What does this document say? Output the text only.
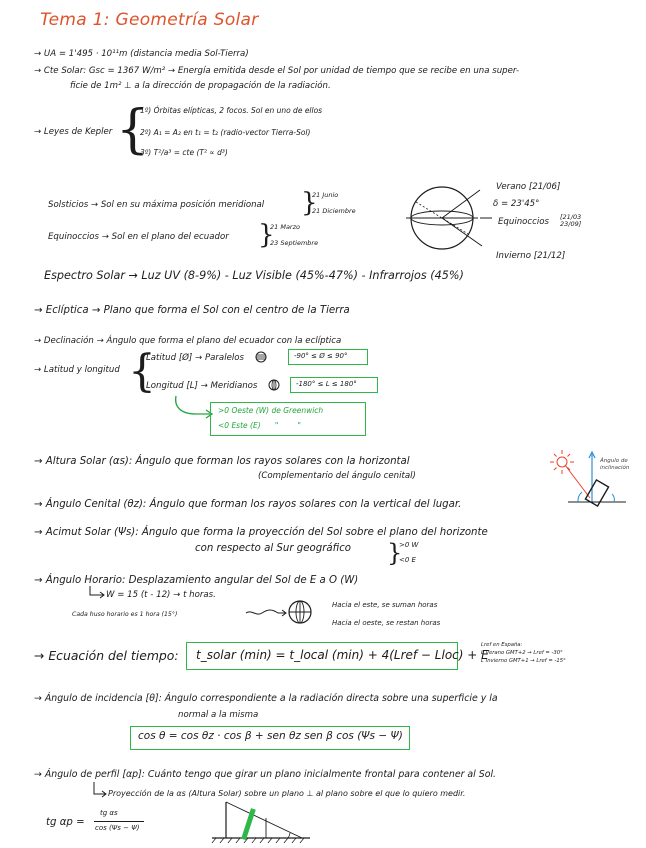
Tema 1: Geometría Solar
→ UA = 1'495 · 10¹¹m (distancia media Sol-Tierra)
→ Cte Solar: Gsc = 1367 W/m² → Energía emitida desde el Sol por unidad de tiempo que se recibe en una super-
ficie de 1m² ⊥ a la dirección de propagación de la radiación.
→ Leyes de Kepler {
1º) Órbitas elípticas, 2 focos. Sol en uno de ellos
2º) A₁ = A₂ en t₁ = t₂ (radio-vector Tierra-Sol)
3º) T²/a³ = cte (T² ∝ d³)
Solsticios → Sol en su máxima posición meridional }
21 Junio
21 Diciembre
Equinoccios → Sol en el plano del ecuador }
21 Marzo
23 Septiembre
Verano [21/06]
δ = 23'45°
Equinoccios [21/03 23/09]
Invierno [21/12]
Espectro Solar → Luz UV (8-9%) - Luz Visible (45%-47%) - Infrarrojos (45%)
→ Eclíptica → Plano que forma el Sol con el centro de la Tierra
→ Declinación → Ángulo que forma el plano del ecuador con la eclíptica
→ Latitud y longitud {
Latitud [Ø] → Paralelos	-90° ≤ Ø ≤ 90°
Longitud [L] → Meridianos	-180° ≤ L ≤ 180°
>0 Oeste (W) de Greenwich
<0 Este (E)      "        "
→ Altura Solar (αs): Ángulo que forman los rayos solares con la horizontal
(Complementario del ángulo cenital)
Ángulo de inclinación
→ Ángulo Cenital (θz): Ángulo que forman los rayos solares con la vertical del lugar.
→ Acimut Solar (Ψs): Ángulo que forma la proyección del Sol sobre el plano del horizonte
con respecto al Sur geográfico }
>0 W
<0 E
→ Ángulo Horario: Desplazamiento angular del Sol de E a O (W)
W = 15 (t - 12) → t horas.
Cada huso horario es 1 hora (15°)
Hacia el este, se suman horas
Hacia el oeste, se restan horas
→ Ecuación del tiempo: t_solar (min) = t_local (min) + 4(Lref − Lloc) + E
Lref en España:
L Verano GMT+2 → Lref = -30°
L Invierno GMT+1 → Lref = -15°
→ Ángulo de incidencia [θ]: Ángulo correspondiente a la radiación directa sobre una superficie y la
normal a la misma
cos θ = cos θz · cos β + sen θz sen β cos (Ψs − Ψ)
→ Ángulo de perfil [αp]: Cuánto tengo que girar un plano inicialmente frontal para contener al Sol.
Proyección de la αs (Altura Solar) sobre un plano ⊥ al plano sobre el que lo quiero medir.
tg αp =
tg αs
cos (Ψs − Ψ)
